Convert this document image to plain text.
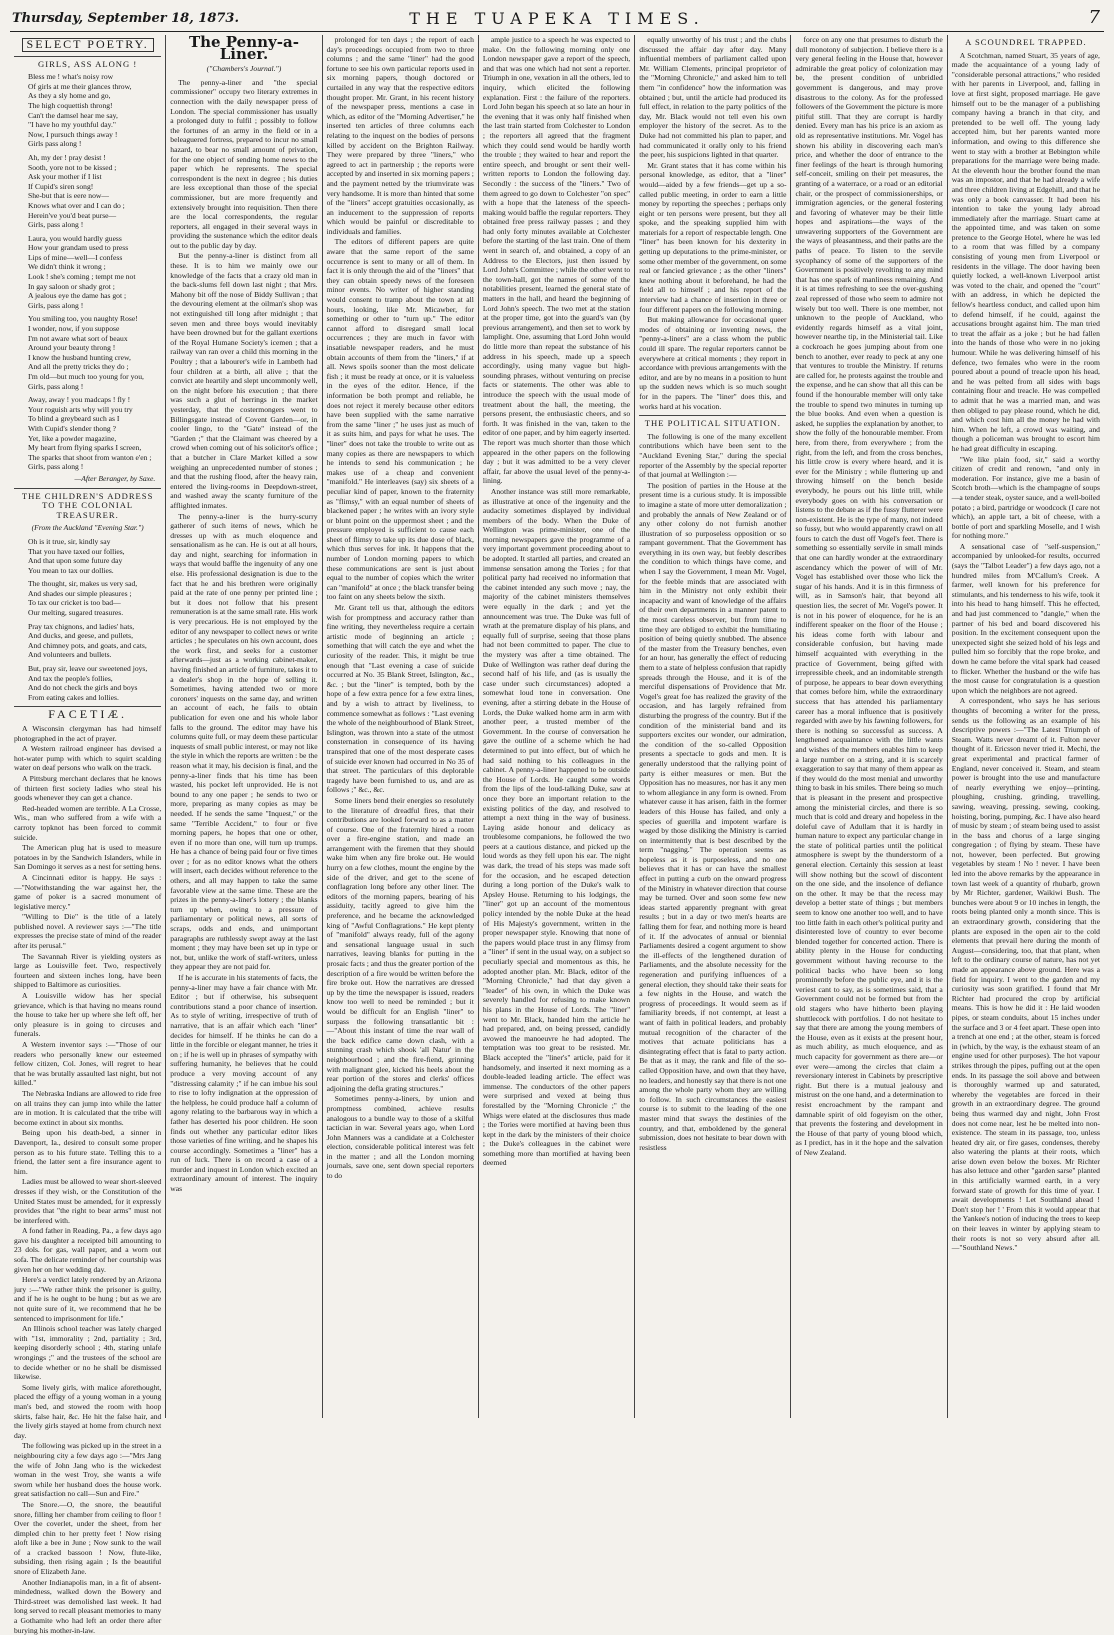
Thursday, September 18, 1873.	THE TUAPEKA TIMES.	7
SELECT POETRY.
GIRLS, ASS ALONG !
Bless me ! what's noisy row
Of girls at me their glances throw,
As they a sly home and go,
The high coquettish throng!
Can't the damsel hear me say,
"I have ho my youthful day."
Now, I pursuch things away !
Girls pass along !
Ah, my der ! pray desist !
Sooth, yore not to be kissed ;
Ask your mother if I list
If Cupid's siren song!
She-but that is eere now—
Knows what over and I can do ;
Herein've you'd beat purse—
Girls, pass along !
Laura, you would hardly guess
How your grandam used to press
Lips of mine—well—I confess
We didn't think it wrong ;
Look ! she's coming ; tempt me not
In gay saloon or shady grot ;
A jealous eye the dame has got ;
Girls, pass along !
You smiling too, you naughty Rose!
I wonder, now, if you suppose
I'm not aware what sort of beaux
Around your beauty throng !
I know the husband hunting crew,
And all the pretty tricks they do ;
I'm old—but much too young for you,
Girls, pass along !
Away, away ! you madcaps ! fly !
Your roguish arts why will you try
To blind a greybeard such as I
With Cupid's slender thong ?
Yet, like a powder magazine,
My heart from flying sparks I screen,
The sparks that shoot from wanton e'en ;
Girls, pass along !
—After Beranger, by Saxe.
THE CHILDREN'S ADDRESS TO THE COLONIAL TREASURER.
(From the Auckland "Evening Star.")
Oh is it true, sir, kindly say
That you have taxed our follies,
And that upon some future day
You mean to tax our dollies.
The thought, sir, makes us very sad,
And shades our simple pleasures ;
To tax our cricket is too bad—
Our melting, sugared treasures.
Pray tax chignons, and ladies' hats,
And ducks, and geese, and pullets,
And chimney pots, and goats, and cats,
And volunteers and bullets.
But, pray sir, leave our sweetened joys,
And tax the people's follies,
And do not check the girls and boys
From eating cakes and lollies.
FACETIÆ.

A Wisconsin clergyman has had himself photographed in the act of prayer.

A Western railroad engineer has devised a hot-water pump with which to squirt scalding water on deaf persons who walk on the track.

A Pittsburg merchant declares that he knows of thirteen first society ladies who steal his goods whenever they can get a chance.

Red-headed women are terrible. A La Crosse, Wis., man who suffered from a wife with a carroty topknot has been forced to commit suicide.

The American plug hat is used to measure potatoes in by the Sandwich Islanders, while in San Domingo it serves as a nest for setting hens.

A Cincinnati editor is happy. He says :—"Notwithstanding the war against her, the game of poker is a sacred monument of legislative mercy."

"Willing to Die" is the title of a lately published novel. A reviewer says :—"The title expresses the precise state of mind of the reader after its perusal."

The Savannah River is yielding oysters as large as Louisville feet. Two, respectively fourteen and sixteen inches long, have been shipped to Baltimore as curiosities.

A Louisville widow has her special grievance, which is that having no means round the house to take her up where she left off, her only pleasure is in going to circuses and funerals.

A Western inventor says :—"Those of our readers who personally knew our esteemed fellow citizen, Col. Jones, will regret to hear that he was brutally assaulted last night, but not killed."

The Nebraska Indians are allowed to ride free on all trains they can jump into while the latter are in motion. It is calculated that the tribe will become extinct in about six months.

Being upon his death-bed, a sinner in Davenport, Ia., desired to consult some proper person as to his future state. Telling this to a friend, the latter sent a fire insurance agent to him.

Ladies must be allowed to wear short-sleeved dresses if they wish, or the Constitution of the United States must be amended, for it expressly provides that "the right to bear arms" must not be interfered with.

A fond father in Reading, Pa., a few days ago gave his daughter a receipted bill amounting to 23 dols. for gas, wall paper, and a worn out sofa. The delicate reminder of her courtship was given her on her wedding day.

Here's a verdict lately rendered by an Arizona jury :—"We rather think the prisoner is guilty, and if he is he ought to be hung ; but as we are not quite sure of it, we recommend that he be sentenced to imprisonment for life."

An Illinois school teacher was lately charged with "1st, immorality ; 2nd, partiality ; 3rd, keeping disorderly school ; 4th, staring unlafe wrongings ;" and the trustees of the school are to decide whether or no he shall be dismissed likewise.

Some lively girls, with malice aforethought, placed the effigy of a young woman in a young man's bed, and stowed the room with hoop skirts, false hair, &c. He hit the false hair, and the lively girls stayed at home from church next day.

The following was picked up in the street in a neighbouring city a few days ago :—"Mrs Jang the wife of John Jang who is the wickedest woman in the west Troy, she wants a wife sworn while her husband does the house work. great satisfaction no call—Sun and Fire."

The Snore.—O, the snore, the beautiful snore, filling her chamber from ceiling to floor ! Over the coverlet, under the sheet, from her dimpled chin to her pretty feet ! Now rising aloft like a bee in June ; Now sunk to the wail of a cracked bassoon ! Now, flute-like, subsiding, then rising again ; Is the beautiful snore of Elizabeth Jane.

Another Indianapolis man, in a fit of absent-mindedness, walked down the Bowery and Third-street was demolished last week. It had long served to recall pleasant memories to many a Gothamite who had left an order there after burying his mother-in-law.

The Penny-a-Liner.
("Chambers's Journal.")

The penny-a-liner and "the special commissioner" occupy two literary extremes in connection with the daily newspaper press of London. The special commissioner has usually a prolonged duty to fulfil ; possibly to follow the fortunes of an army in the field or in a beleaguered fortress, prepared to incur no small hazard, to bear no small amount of privation, for the one object of sending home news to the paper which he represents. The special correspondent is the next in degree ; his duties are less exceptional than those of the special commissioner, but are more frequently and extensively brought into requisition. Then there are the local correspondents, the regular reporters, all engaged in their several ways in providing the sustenance which the editor deals out to the public day by day.

But the penny-a-liner is distinct from all these. It is to him we mainly owe our knowledge of the facts that a crazy old man in the back-slums fell down last night ; that Mrs. Mahony bit off the nose of Biddy Sullivan ; that the devouring element at the oilman's shop was not extinguished till long after midnight ; that seven men and three boys would inevitably have been drowned but for the gallant exertions of the Royal Humane Society's icemen ; that a railway van ran over a child this morning in the Poultry ; that a labourer's wife in Lambeth had four children at a birth, all alive ; that the convict ate heartily and slept uncommonly well, on the night before his execution ; that there was such a glut of herrings in the market yesterday, that the costermongers went to Billingsgate instead of Covent Garden—or, in cooler lingo, to the "Gate" instead of the "Garden ;" that the Claimant was cheered by a crowd when coming out of his solicitor's office ; that a butcher in Clare Market killed a sow weighing an unprecedented number of stones ; and that the rushing flood, after the heavy rain, entered the living-rooms in Deepdown-street, and washed away the scanty furniture of the afflighted inmates.

The penny-a-liner is the hurry-scurry gatherer of such items of news, which he dresses up with as much eloquence and sensationalism as he can. He is out at all hours, day and night, searching for information in ways that would baffle the ingenuity of any one else. His professional designation is due to the fact that he and his brethren were originally paid at the rate of one penny per printed line ; but it does not follow that his present remuneration is at the same small rate. His work is very precarious. He is not employed by the editor of any newspaper to collect news or write articles ; he speculates on his own account, does the work first, and seeks for a customer afterwards—just as a working cabinet-maker, having finished an article of furniture, takes it to a dealer's shop in the hope of selling it. Sometimes, having attended two or more coroners' inquests on the same day, and written an account of each, he fails to obtain publication for even one and his whole labor falls to the ground. The editor may have his columns quite full, or may deem these particular inquests of small public interest, or may not like the style in which the reports are written : be the reason what it may, his decision is final, and the penny-a-liner finds that his time has been wasted, his pocket left unprovided. He is not bound to any one paper ; he sends to two or more, preparing as many copies as may be needed. If he sends the same "Inquest," or the same "Terrible Accident," to four or five morning papers, he hopes that one or other, even if no more than one, will turn up trumps. He has a chance of being paid four or five times over ; for as no editor knows what the others will insert, each decides without reference to the others, and all may happen to take the same favorable view at the same time. These are the prizes in the penny-a-liner's lottery ; the blanks turn up when, owing to a pressure of parliamentary or political news, all sorts of scraps, odds and ends, and unimportant paragraphs are ruthlessly swept away at the last moment ; they may have been set up in type or not, but, unlike the work of staff-writers, unless they appear they are not paid for.

If he is accurate in his statements of facts, the penny-a-liner may have a fair chance with Mr. Editor ; but if otherwise, his subsequent contributions stand a poor chance of insertion. As to style of writing, irrespective of truth of narrative, that is an affair which each "liner" decides for himself. If he thinks he can do a little in the forcible or elegant manner, he tries it on ; if he is well up in phrases of sympathy with suffering humanity, he believes that he could produce a very moving account of any "distressing calamity ;" if he can imbue his soul to rise to lofty indignation at the oppression of the helpless, he could produce half a column of agony relating to the barbarous way in which a father has deserted his poor children. He soon finds out whether any particular editor likes those varieties of fine writing, and he shapes his course accordingly. Sometimes a "liner" has a run of luck. There is on record a case of a murder and inquest in London which excited an extraordinary amount of interest. The inquiry was

prolonged for ten days ; the report of each day's proceedings occupied from two to three columns ; and the same "liner" had the good fortune to see his own particular reports used in six morning papers, though doctored or curtailed in any way that the respective editors thought proper. Mr. Grant, in his recent history of the newspaper press, mentions a case in which, as editor of the "Morning Advertiser," he inserted ten articles of three columns each relating to the inquest on the bodies of persons killed by accident on the Brighton Railway. They were prepared by three "liners," who agreed to act in partnership ; the reports were accepted by and inserted in six morning papers ; and the payment netted by the triumvirate was very handsome. It is more than hinted that some of the "liners" accept gratuities occasionally, as an inducement to the suppression of reports which would be painful or discreditable to individuals and families.

The editors of different papers are quite aware that the same report of the same occurrence is sent to many or all of them. In fact it is only through the aid of the "liners" that they can obtain speedy news of the foreseen minor events. No writer of higher standing would consent to tramp about the town at all hours, looking, like Mr. Micawber, for something or other to "turn up." The editor cannot afford to disregard small local occurrences ; they are much in favor with insatiable newspaper readers, and he must obtain accounts of them from the "liners," if at all. News spoils sooner than the most delicate fish ; it must be ready at once, or it is valueless in the eyes of the editor. Hence, if the information be both prompt and reliable, he does not reject it merely because other editors have been supplied with the same narrative from the same "liner ;" he uses just as much of it as suits him, and pays for what he uses. The "liner" does not take the trouble to write out as many copies as there are newspapers to which he intends to send his communication ; he makes use of a cheap and convenient "manifold." He interleaves (say) six sheets of a peculiar kind of paper, known to the fraternity as "flimsy," with an equal number of sheets of blackened paper ; he writes with an ivory style or blunt point on the uppermost sheet ; and the pressure employed is sufficient to cause each sheet of flimsy to take up its due dose of black, which thus serves for ink. It happens that the number of London morning papers to which these communications are sent is just about equal to the number of copies which the writer can "manifold" at once ; the black transfer being too faint on any sheets below the sixth.

Mr. Grant tell us that, although the editors wish for promptness and accuracy rather than fine writing, they nevertheless require a certain artistic mode of beginning an article ; something that will catch the eye and whet the curiosity of the reader. This, it might be true enough that "Last evening a case of suicide occurred at No. 35 Blank Street, Islington, &c., &c. ; but the "liner" is tempted, both by the hope of a few extra pence for a few extra lines, and by a wish to attract by liveliness, to commence somewhat as follows : "Last evening the whole of the neighbourhood of Blank Street, Islington, was thrown into a state of the utmost consternation in consequence of its having transpired that one of the most desperate cases of suicide ever known had occurred in No 35 of that street. The particulars of this deplorable tragedy have been furnished to us, and are as follows ;" &c., &c.

Some liners bend their energies so resolutely to the literature of dreadful fires, that their contributions are looked forward to as a matter of course. One of the fraternity hired a room over a fire-engine station, and made an arrangement with the firemen that they should wake him when any fire broke out. He would hurry on a few clothes, mount the engine by the side of the driver, and get to the scene of conflagration long before any other liner. The editors of the morning papers, bearing of his assiduity, tacitly agreed to give him the preference, and he became the acknowledged king of "Awful Conflagrations." He kept plenty of "manifold" always ready, full of the agony and sensational language usual in such narratives, leaving blanks for putting in the prosaic facts ; and thus the greater portion of the description of a fire would be written before the fire broke out. How the narratives are dressed up by the time the newspaper is issued, readers know too well to need be reminded ; but it would be difficult for an English "liner" to surpass the following transatlantic bit :—"About this instant of time the rear wall of the back edifice came down clash, with a stunning crash which shook 'all Natur' in the neighbourhood ; and the fire-fiend, grinning with malignant glee, kicked his heels about the rear portion of the stores and clerks' offices adjoining the defla grating structures."

Sometimes penny-a-liners, by union and promptness combined, achieve results analogous to a bundle way to those of a skilful tactician in war. Several years ago, when Lord John Manners was a candidate at a Colchester election, considerable political interest was felt in the matter ; and all the London morning journals, save one, sent down special reporters to do

ample justice to a speech he was expected to make. On the following morning only one London newspaper gave a report of the speech, and that was one which had not sent a reporter. Triumph in one, vexation in all the others, led to inquiry, which elicited the following explanation. First : the failure of the reporters. Lord John began his speech at so late an hour in the evening that it was only half finished when the last train started from Colchester to London ; the reporters all agreed that the fragment which they could send would be hardly worth the trouble ; they waited to hear and report the entire speech, and brought or sent their well-written reports to London the following day. Secondly : the success of the "liners." Two of them agreed to go down to Colchester "on spec" with a hope that the lateness of the speech-making would baffle the regular reporters. They obtained free press railway passes ; and they had only forty minutes available at Colchester before the starting of the last train. One of them went in search of, and obtained, a copy of an Address to the Electors, just then issued by Lord John's Committee ; while the other went to the town-hall, got the names of some of the notabilities present, learned the general state of matters in the hall, and heard the beginning of Lord John's speech. The two met at the station at the proper time, got into the guard's van (by previous arrangement), and then set to work by lamplight. One, assuming that Lord John would do little more than repeat the substance of his address in his speech, made up a speech accordingly, using many vague but high-sounding phrases, without venturing on precise facts or statements. The other was able to introduce the speech with the usual mode of treatment about the hall, the meeting, the persons present, the enthusiastic cheers, and so forth. It was finished in the van, taken to the editor of one paper, and by him eagerly inserted. The report was much shorter than those which appeared in the other papers on the following day ; but it was admitted to be a very clever affair, far above the usual level of the penny-a-lining.

Another instance was still more remarkable, as illustrative at once of the ingenuity and the audacity sometimes displayed by individual members of the body. When the Duke of Wellington was prime-minister, one of the morning newspapers gave the programme of a very important government proceeding about to be adopted. It startled all parties, and created an immense sensation among the Tories ; for that political party had received no information that the cabinet intended any such move ; nay, the majority of the cabinet ministers themselves were equally in the dark ; and yet the announcement was true. The Duke was full of wrath at the premature display of his plans, and equally full of surprise, seeing that those plans had not been committed to paper. The clue to the mystery was after a time obtained. The Duke of Wellington was rather deaf during the second half of his life, and (as is usually the case under such circumstances) adopted a somewhat loud tone in conversation. One evening, after a stirring debate in the House of Lords, the Duke walked home arm in arm with another peer, a trusted member of the Government. In the course of conversation he gave the outline of a scheme which he had determined to put into effect, but of which he had said nothing to his colleagues in the cabinet. A penny-a-liner happened to be outside the House of Lords. He caught some words from the lips of the loud-talking Duke, saw at once they bore an important relation to the existing politics of the day, and resolved to attempt a next thing in the way of business. Laying aside honour and delicacy as troublesome companions, he followed the two peers at a cautious distance, and picked up the loud words as they fell upon his ear. The night was dark, the tread of his steps was made soft for the occasion, and he escaped detection during a long portion of the Duke's walk to Apsley House. Returning to his lodgings, the "liner" got up an account of the momentous policy intended by the noble Duke at the head of His Majesty's government, written in the proper newspaper style. Knowing that none of the papers would place trust in any flimsy from a "liner" if sent in the usual way, on a subject so peculiarly special and momentous as this, he adopted another plan. Mr. Black, editor of the "Morning Chronicle," had that day given a "leader" of his own, in which the Duke was severely handled for refusing to make known his plans in the House of Lords. The "liner" went to Mr. Black, handed him the article he had prepared, and, on being pressed, candidly avowed the manoeuvre he had adopted. The temptation was too great to be resisted. Mr. Black accepted the "liner's" article, paid for it handsomely, and inserted it next morning as a double-leaded leading article. The effect was immense. The conductors of the other papers were surprised and vexed at being thus forestalled by the "Morning Chronicle ;" the Whigs were elated at the disclosures thus made ; the Tories were mortified at having been thus kept in the dark by the ministers of their choice ; the Duke's colleagues in the cabinet were something more than mortified at having been deemed

equally unworthy of his trust ; and the clubs discussed the affair day after day. Many influential members of parliament called upon Mr. William Clements, principal proprietor of the "Morning Chronicle," and asked him to tell them "in confidence" how the information was obtained ; but, until the article had produced its full effect, in relation to the party politics of the day, Mr. Black would not tell even his own employer the history of the secret. As to the Duke had not committed his plan to paper, and had communicated it orally only to his friend the peer, his suspicions lighted in that quarter.

Mr. Grant states that it has come within his personal knowledge, as editor, that a "liner" would—aided by a few friends—get up a so-called public meeting, in order to earn a little money by reporting the speeches ; perhaps only eight or ten persons were present, but they all spoke, and the speaking supplied him with materials for a report of respectable length. One "liner" has been known for his dexterity in getting up deputations to the prime-minister, or some other member of the government, on some real or fancied grievance ; as the other "liners" knew nothing about it beforehand, he had the field all to himself ; and his report of the interview had a chance of insertion in three or four different papers on the following morning.

But making allowance for occasional queer modes of obtaining or inventing news, the "penny-a-liners" are a class whom the public could ill spare. The regular reporters cannot be everywhere at critical moments ; they report in accordance with previous arrangements with the editor, and are by no means in a position to hunt up the sudden news which is so much sought for in the papers. The "liner" does this, and works hard at his vocation.

THE POLITICAL SITUATION.

The following is one of the many excellent contributions which have been sent to the "Auckland Evening Star," during the special reporter of the Assembly by the special reporter of that journal at Wellington :—

The position of parties in the House at the present time is a curious study. It is impossible to imagine a state of more utter demoralization ; and probably the annals of New Zealand or of any other colony do not furnish another illustration of so purposeless opposition or so rampant government. That the Government has everything in its own way, but feebly describes the condition to which things have come, and when I say the Government, I mean Mr. Vogel, for the feeble minds that are associated with him in the Ministry not only exhibit their incapacity and want of knowledge of the affairs of their own departments in a manner patent to the most careless observer, but from time to time they are obliged to exhibit the humiliating position of being quietly snubbed. The absence of the master from the Treasury benches, even for an hour, has generally the effect of reducing them to a state of helpless confusion that rapidly spreads through the House, and it is of the merciful dispensations of Providence that Mr. Vogel's great foe has realized the gravity of the occasion, and has largely refrained from disturbing the progress of the country. But if the condition of the ministerial band and its supporters excites our wonder, our admiration, the condition of the so-called Opposition presents a spectacle to gods and men. It is generally understood that the rallying point of party is either measures or men. But the Opposition has no measures, nor has it any men to whom allegiance in any form is owned. From whatever cause it has arisen, faith in the former leaders of this House has failed, and only a species of guerilla and impotent warfare is waged by those disliking the Ministry is carried on intermittently that is best described by the term "nagging." The operation seems as hopeless as it is purposeless, and no one believes that it has or can have the smallest effect in putting a curb on the onward progress of the Ministry in whatever direction that course may be turned. Over and soon some few new ideas started apparently pregnant with great results ; but in a day or two men's hearts are falling them for fear, and nothing more is heard of it. If the advocates of annual or biennial Parliaments desired a cogent argument to show the ill-effects of the lengthened duration of Parliaments, and the absolute necessity for the regeneration and purifying influences of a general election, they should take their seats for a few nights in the House, and watch the progress of proceedings. It would seem as if familiarity breeds, if not contempt, at least a want of faith in political leaders, and probably mutual recognition of the character of the motives that actuate politicians has a disintegrating effect that is fatal to party action. Be that as it may, the rank and file of the so-called Opposition have, and own that they have, no leaders, and honestly say that there is not one among the whole party whom they are willing to follow. In such circumstances the easiest course is to submit to the leading of the one master mind that sways the destinies of the country, and that, emboldened by the general submission, does not hesitate to bear down with resistless

force on any one that presumes to disturb the dull monotony of subjection. I believe there is a very general feeling in the House that, however admirable the great policy of colonization may be, the present condition of unbridled government is dangerous, and may prove disastrous to the colony. As for the professed followers of the Government the picture is more pitiful still. That they are corrupt is hardly denied. Every man has his price is an axiom as old as representative institutions. Mr. Vogel has shown his ability in discovering each man's price, and whether the door of entrance to the finer feelings of the heart is through humoring self-conceit, smiling on their pet measures, the granting of a waterrace, or a road or an editorial chair, or the prospect of commissionerships, or immigration agencies, or the general fostering and favoring of whatever may be their little hopes and aspirations—the ways of the unwavering supporters of the Government are the ways of pleasantness, and their paths are the paths of peace. To listen to the servile sycophancy of some of the supporters of the Government is positively revolting to any mind that has one spark of manliness remaining. And it is at times refreshing to see the over-gushing zeal repressed of those who seem to admire not wisely but too well. There is one member, not unknown to the people of Auckland, who evidently regards himself as a vital joint, however nearthe tip, in the Ministerial tail. Like a cockroach he goes jumping about from one bench to another, ever ready to peck at any one that ventures to trouble the Ministry. If returns are called for, he protests against the trouble and the expense, and he can show that all this can be found if the honourable member will only take the trouble to spend two minutes in turning up the blue books. And even when a question is asked, he supplies the explanation by another, to show the folly of the honourable member. From here, from there, from everywhere ; from the right, from the left, and from the cross benches, his little crow is every where heard, and it is ever for the Ministry ; while fluttering up and throwing himself on the bench beside everybody, he pours out his little trill, while everybody goes on with his conversation or listens to the debate as if the fussy flutterer were non-existent. He is the type of many, not indeed so fussy, but who would apparently crawl on all fours to catch the dust off Vogel's feet. There is something so essentially servile in small minds that one can hardly wonder at the extraordinary ascendancy which the power of will of Mr. Vogel has established over those who lick the sugar of his hands. And it is in this firmness of will, as in Samson's hair, that beyond all question lies, the secret of Mr. Vogel's power. It is not in his power of eloquence, for he is an indifferent speaker on the floor of the House ; his ideas come forth with labour and considerable confusion, but having made himself acquainted with everything in the practice of Government, being gifted with irrepressible cheek, and an indomitable strength of purpose, he appears to bear down everything that comes before him, while the extraordinary success that has attended his parliamentary career has a moral influence that is positively regarded with awe by his fawning followers, for there is nothing so successful as success. A lengthened acquaintance with the little wants and wishes of the members enables him to keep a large number on a string, and it is scarcely exaggeration to say that many of them appear as if they would do the most menial and unworthy thing to bask in his smiles. There being so much that is pleasant in the present and prospective among the ministerial circles, and there is so much that is cold and dreary and hopeless in the doleful cave of Adullam that it is hardly in human nature to expect any particular change in the state of political parties until the political atmosphere is swept by the thunderstorm of a general election. Certainly this session at least will show nothing but the scowl of discontent on the one side, and the insolence of defiance on the other. It may be that the recess may develop a better state of things ; but members seem to know one another too well, and to have too little faith in each other's political purity and disinterested love of country to ever become blended together for concerted action. There is ability plenty in the House for conducting government without having recourse to the political backs who have been so long prominently before the public eye, and it is the veriest cant to say, as is sometimes said, that a Government could not be formed but from the old stagers who have hitherto been playing shuttlecock with portfolios. I do not hesitate to say that there are among the young members of the House, even as it exists at the present hour, as much ability, as much eloquence, and as much capacity for government as there are—or ever were—among the circles that claim a reversionary interest in Cabinets by prescriptive right. But there is a mutual jealousy and mistrust on the one hand, and a determination to resist encroachment by the rampant and damnable spirit of old fogeyism on the other, that prevents the fostering and development in the House of that party of young blood which, as I predict, has in it the hope and the salvation of New Zealand.

A SCOUNDREL TRAPPED.

A Scotchman, named Stuart, 35 years of age, made the acquaintance of a young lady of "considerable personal attractions," who resided with her parents in Liverpool, and, falling in love at first sight, proposed marriage. He gave himself out to be the manager of a publishing company having a branch in that city, and pretended to be well off. The young lady accepted him, but her parents wanted more information, and owing to this difference she went to stay with a brother at Bebington while preparations for the marriage were being made. At the eleventh hour the brother found the man was an impostor, and that he had already a wife and three children living at Edgehill, and that he was only a book canvasser. It had been his intention to take the young lady abroad immediately after the marriage. Stuart came at the appointed time, and was taken on some pretence to the George Hotel, where he was led to a room that was filled by a company consisting of young men from Liverpool or residents in the village. The door having been quietly locked, a well-known Liverpool artist was voted to the chair, and opened the "court" with an address, in which he depicted the fellow's heartless conduct, and called upon him to defend himself, if he could, against the accusations brought against him. The man tried to treat the affair as a joke ; but he had fallen into the hands of those who were in no joking humour. While he was delivering himself of his defence, two females who were in the room poured about a pound of treacle upon his head, and he was pelted from all sides with bags containing flour and treacle. He was compelled to admit that he was a married man, and was then obliged to pay please round, which he did, and which cost him all the money he had with him. When he left, a crowd was waiting, and though a policeman was brought to escort him he had great difficulty in escaping.

"We like plain food, sir," said a worthy citizen of credit and renown, "and only in moderation. For instance, give me a basin of Scotch broth—which is the champagne of soups—a tender steak, oyster sauce, and a well-boiled potato ; a bird, partridge or woodcock (I care not which), an apple tart, a bit of cheese, with a bottle of port and sparkling Moselle, and I wish for nothing more."

A sensational case of "self-suspension," accompanied by unlooked-for results, occurred (says the "Talbot Leader") a few days ago, not a hundred miles from M'Callum's Creek. A farmer, well known for his preference for stimulants, and his tenderness to his wife, took it into his head to hang himself. This he effected, and had just commenced to "dangle," when the partner of his bed and board discovered his position. In the excitement consequent upon the unexpected sight she seized hold of his legs and pulled him so forcibly that the rope broke, and down he came before the vital spark had ceased to flicker. Whether the husband or the wife has the most cause for congratulation is a question upon which the neighbors are not agreed.

A correspondent, who says he has serious thoughts of becoming a writer for the press, sends us the following as an example of his descriptive powers :—"The Latest Triumph of Steam. Watts never dreamt of it. Fulton never thought of it. Ericsson never tried it. Mechi, the great experimental and practical farmer of England, never conceived it. Steam, and steam power is brought into the use and manufacture of nearly everything we enjoy—printing, ploughing, crushing, grinding, travelling, sawing, weaving, pressing, sewing, cooking, hoisting, boring, pumping, &c. I have also heard of music by steam ; of steam being used to assist in the bass and chorus of a large singing congregation ; of flying by steam. These have not, however, been perfected. But growing vegetables by steam ! No ! never. I have been led into the above remarks by the appearance in town last week of a quantity of rhubarb, grown by Mr Richter, gardener, Waikiwi Bush. The bunches were about 9 or 10 inches in length, the roots being planted only a month since. This is an extraordinary growth, considering that the plants are exposed in the open air to the cold elements that prevail here during the month of August—considering, too, that that plant, when left to the ordinary course of nature, has not yet made an appearance above ground. Here was a field for inquiry. I went to the garden and my curiosity was soon gratified. I found that Mr Richter had procured the crop by artificial means. This is how he did it : He laid wooden pipes, or steam conduits, about 15 inches under the surface and 3 or 4 feet apart. These open into a trench at one end ; at the other, steam is forced in (which, by the way, is the exhaust steam of an engine used for other purposes). The hot vapour strikes through the pipes, puffing out at the open ends. In its passage the soil above and between is thoroughly warmed up and saturated, whereby the vegetables are forced in their growth in an extraordinary degree. The ground being thus warmed day and night, John Frost does not come near, lest he be melted into non-existence. The steam in its passage, too, unless heated dry air, or fire gases, condenses, thereby also watering the plants at their roots, which arise down even below the boxes. Mr Richter has also lettuce and other "garden sarse" planted in this artificially warmed earth, in a very forward state of growth for this time of year. I await developments ! Let Southland ahead ! Don't stop her ! ' From this it would appear that the Yankee's notion of inducing the trees to keep on their leaves in winter by applying steam to their roots is not so very absurd after all.—"Southland News."
